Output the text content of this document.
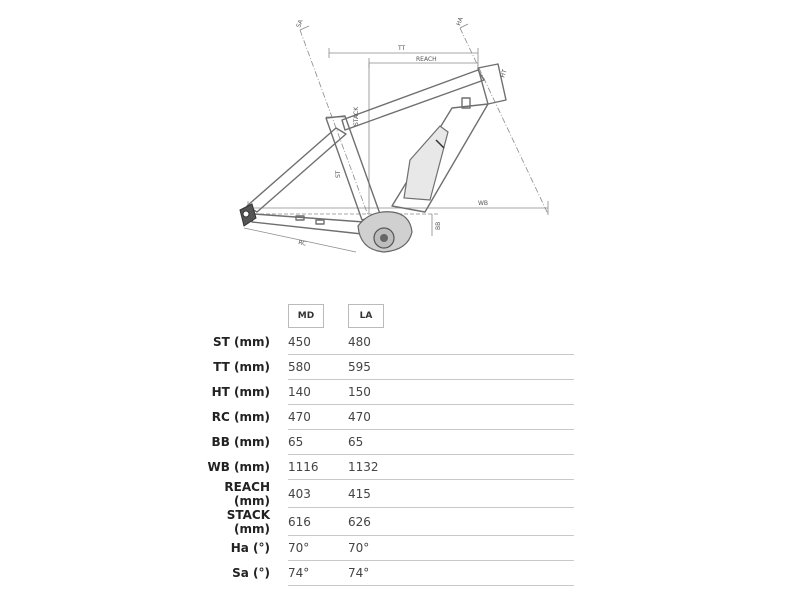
TT
REACH
STACK
ST
HT
WB
BB
RC
SA	HA
	MD	LA
ST (mm)	450	480
TT (mm)	580	595
HT (mm)	140	150
RC (mm)	470	470
BB (mm)	65	65
WB (mm)	1116	1132
REACH (mm)	403	415
STACK (mm)	616	626
Ha (°)	70°	70°
Sa (°)	74°	74°
